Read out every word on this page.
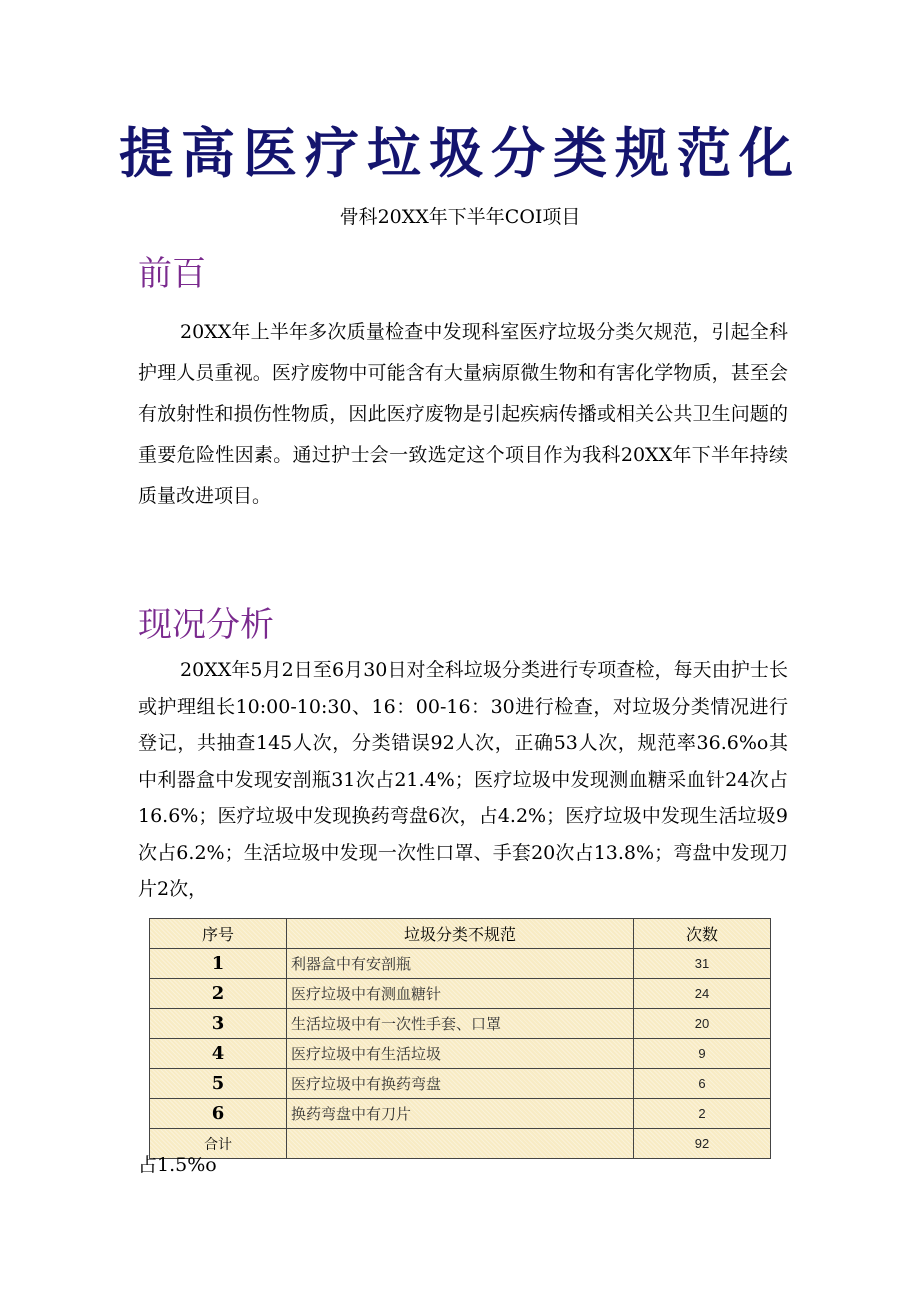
提高医疗垃圾分类规范化
骨科20XX年下半年COI项目
前百
20XX年上半年多次质量检查中发现科室医疗垃圾分类欠规范，引起全科护理人员重视。医疗废物中可能含有大量病原微生物和有害化学物质，甚至会有放射性和损伤性物质，因此医疗废物是引起疾病传播或相关公共卫生问题的重要危险性因素。通过护士会一致选定这个项目作为我科20XX年下半年持续质量改进项目。
现况分析
20XX年5月2日至6月30日对全科垃圾分类进行专项查检，每天由护士长或护理组长10:00-10:30、16：00-16：30进行检查，对垃圾分类情况进行登记，共抽查145人次，分类错误92人次，正确53人次，规范率36.6%o其中利器盒中发现安剖瓶31次占21.4%；医疗垃圾中发现测血糖采血针24次占16.6%；医疗垃圾中发现换药弯盘6次，占4.2%；医疗垃圾中发现生活垃圾9次占6.2%；生活垃圾中发现一次性口罩、手套20次占13.8%；弯盘中发现刀片2次，
序号	垃圾分类不规范	次数
1	利器盒中有安剖瓶	31
2	医疗垃圾中有测血糖针	24
3	生活垃圾中有一次性手套、口罩	20
4	医疗垃圾中有生活垃圾	9
5	医疗垃圾中有换药弯盘	6
6	换药弯盘中有刀片	2
合计		92
占1.5%o
